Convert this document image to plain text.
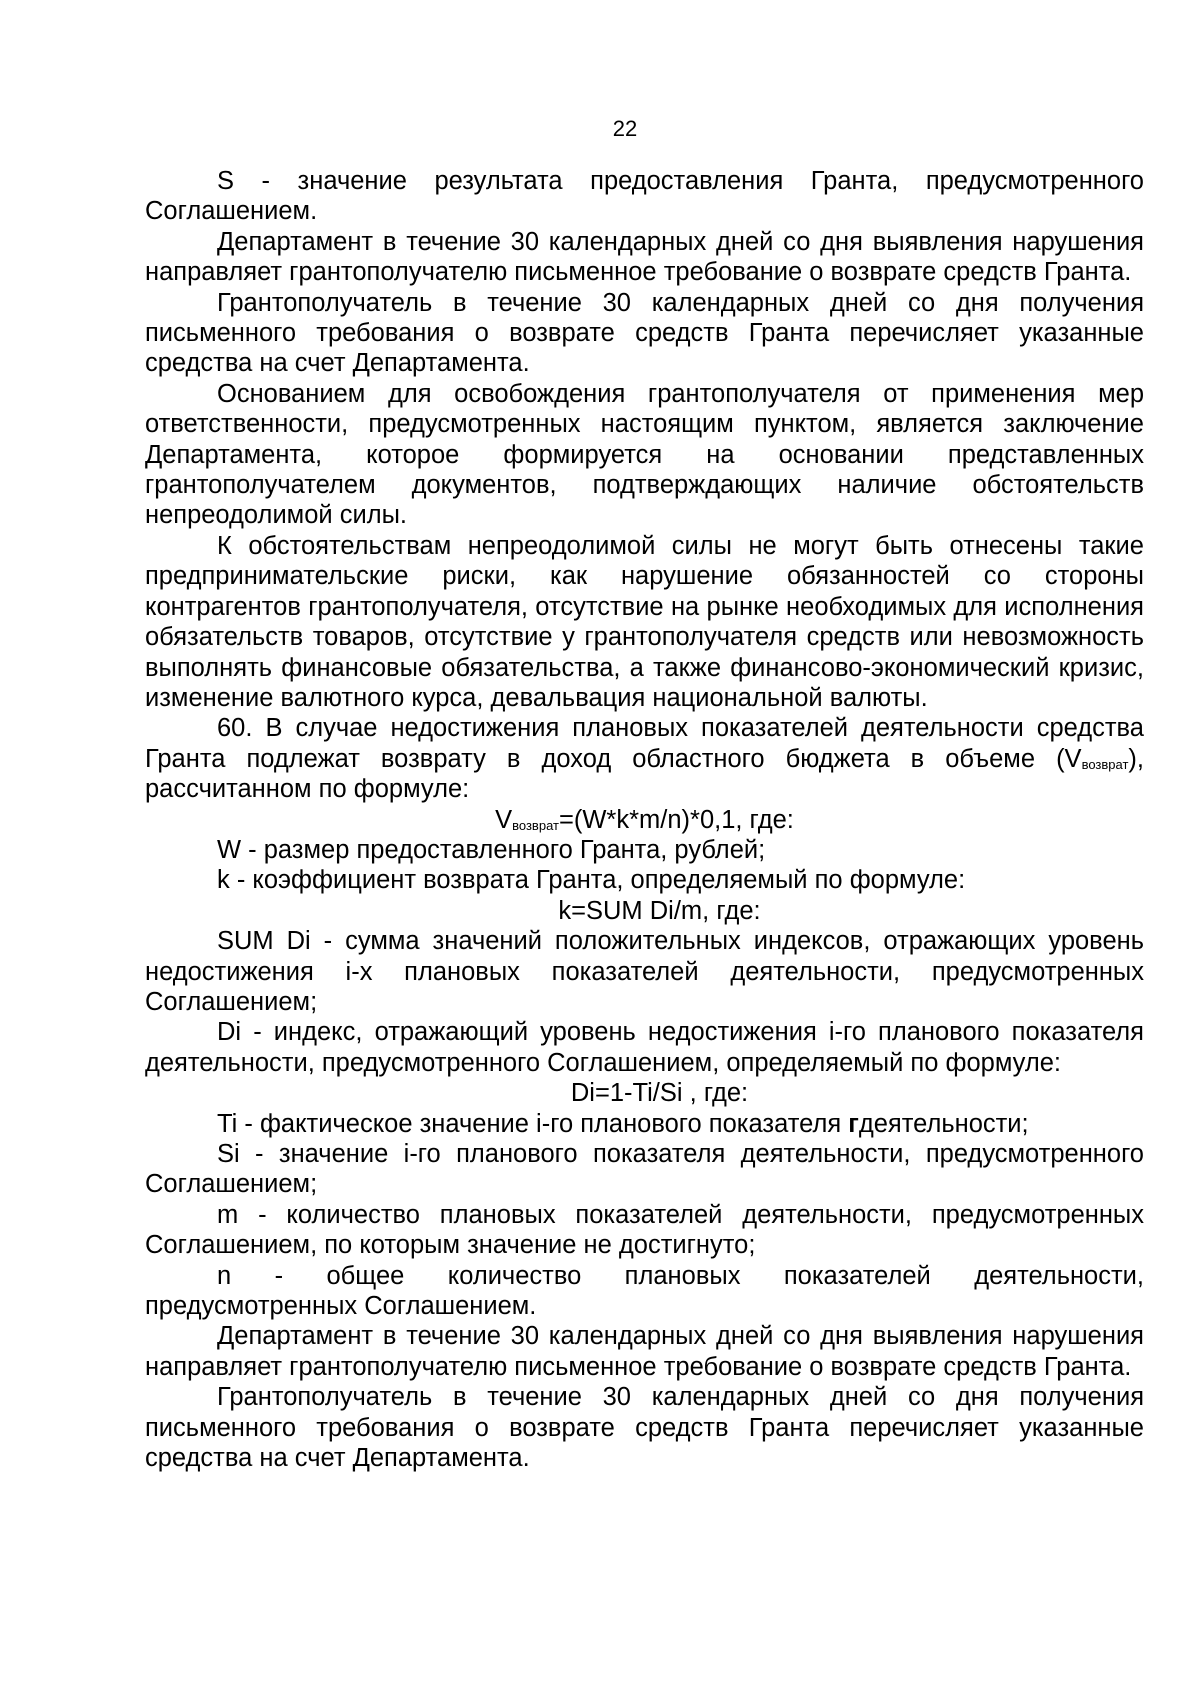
22

S - значение результата предоставления Гранта, предусмотренного Соглашением.

Департамент в течение 30 календарных дней со дня выявления нарушения направляет грантополучателю письменное требование о возврате средств Гранта.

Грантополучатель в течение 30 календарных дней со дня получения письменного требования о возврате средств Гранта перечисляет указанные средства на счет Департамента.

Основанием для освобождения грантополучателя от применения мер ответственности, предусмотренных настоящим пунктом, является заключение Департамента, которое формируется на основании представленных грантополучателем документов, подтверждающих наличие обстоятельств непреодолимой силы.

К обстоятельствам непреодолимой силы не могут быть отнесены такие предпринимательские риски, как нарушение обязанностей со стороны контрагентов грантополучателя, отсутствие на рынке необходимых для исполнения обязательств товаров, отсутствие у грантополучателя средств или невозможность выполнять финансовые обязательства, а также финансово-экономический кризис, изменение валютного курса, девальвация национальной валюты.

60. В случае недостижения плановых показателей деятельности средства Гранта подлежат возврату в доход областного бюджета в объеме $(V_{возврат})$, рассчитанном по формуле:

$V_{возврат}=(W*k*m/n)*0,1$, где:

W - размер предоставленного Гранта, рублей;

k - коэффициент возврата Гранта, определяемый по формуле:

k=SUM Di/m, где:

SUM Di - сумма значений положительных индексов, отражающих уровень недостижения i-х плановых показателей деятельности, предусмотренных Соглашением;

Di - индекс, отражающий уровень недостижения i-го планового показателя деятельности, предусмотренного Соглашением, определяемый по формуле:

Di=1-Ti/Si , где:

Ti - фактическое значение i-го планового показателя гдеятельности;

Si - значение i-го планового показателя деятельности, предусмотренного Соглашением;

m - количество плановых показателей деятельности, предусмотренных Соглашением, по которым значение не достигнуто;

n - общее количество плановых показателей деятельности, предусмотренных Соглашением.

Департамент в течение 30 календарных дней со дня выявления нарушения направляет грантополучателю письменное требование о возврате средств Гранта.

Грантополучатель в течение 30 календарных дней со дня получения письменного требования о возврате средств Гранта перечисляет указанные средства на счет Департамента.
